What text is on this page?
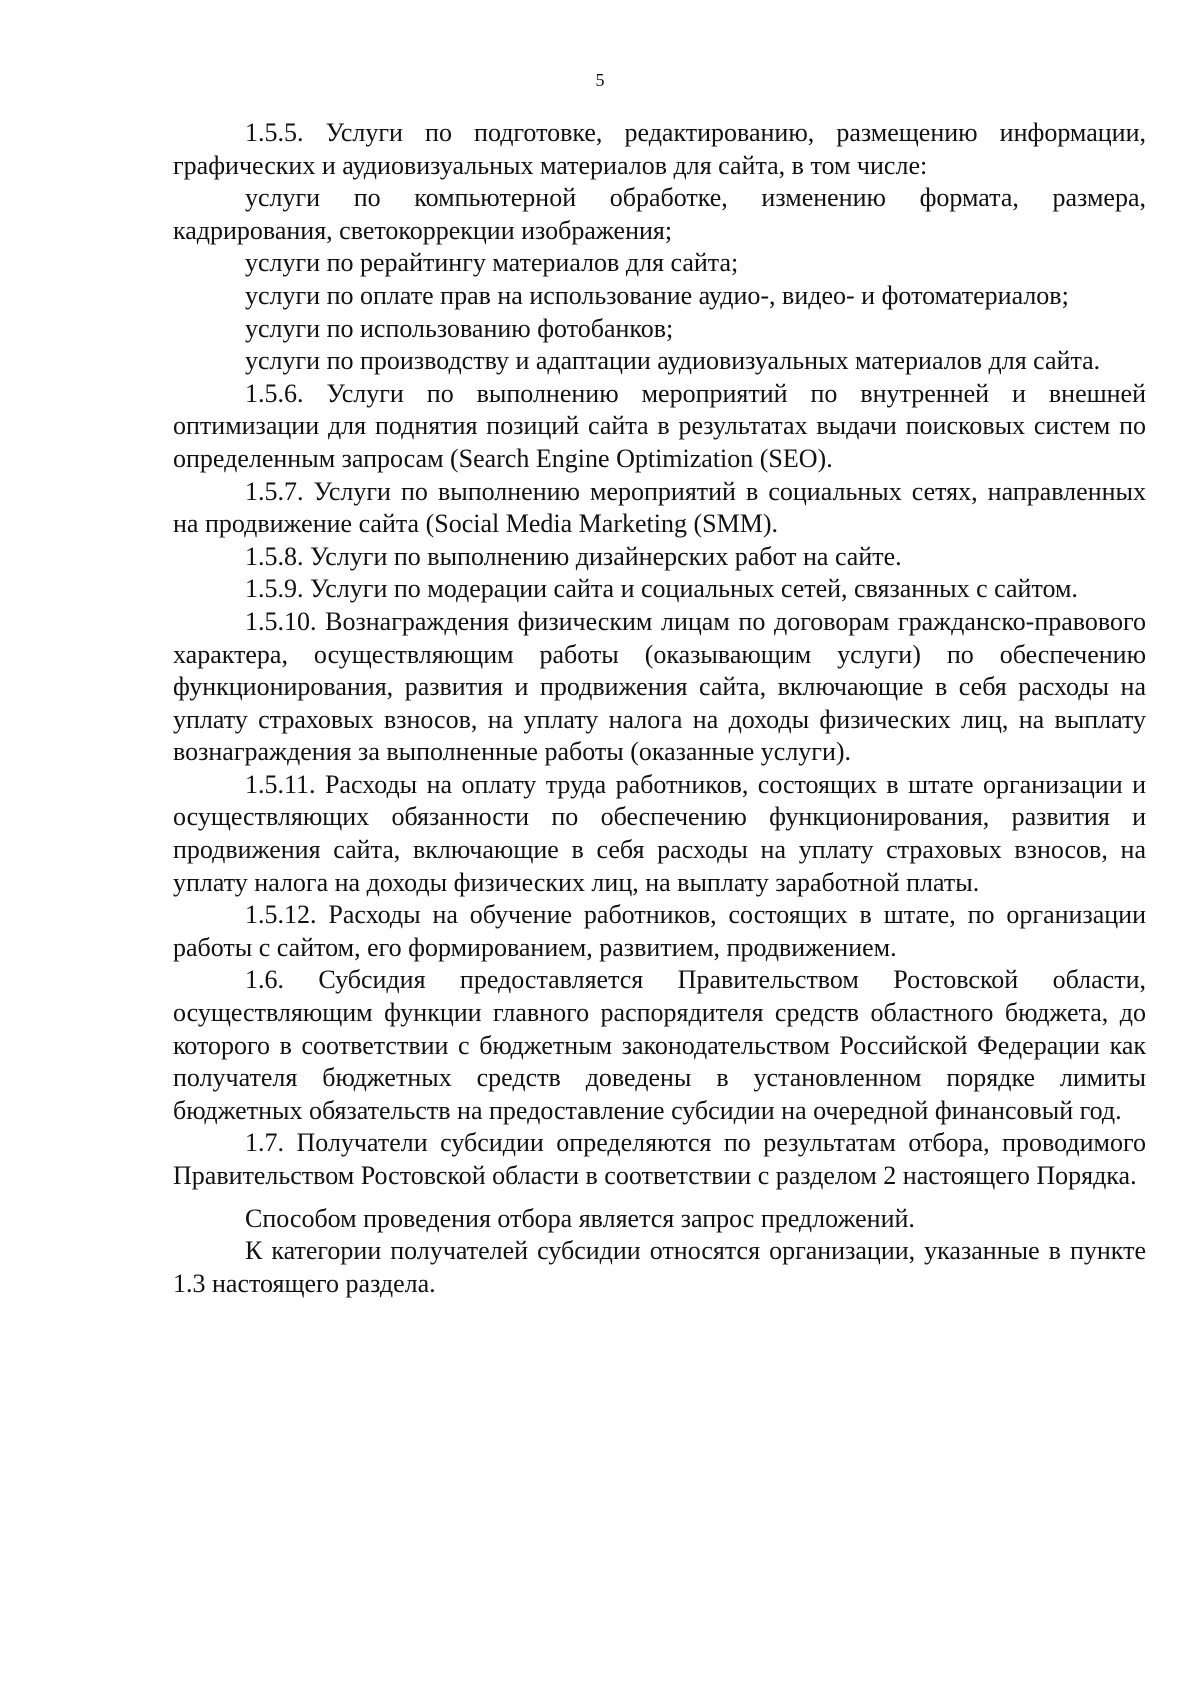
5

1.5.5. Услуги по подготовке, редактированию, размещению информации, графических и аудиовизуальных материалов для сайта, в том числе:

услуги по компьютерной обработке, изменению формата, размера, кадрирования, светокоррекции изображения;

услуги по рерайтингу материалов для сайта;

услуги по оплате прав на использование аудио-, видео- и фотоматериалов;

услуги по использованию фотобанков;

услуги по производству и адаптации аудиовизуальных материалов для сайта.

1.5.6. Услуги по выполнению мероприятий по внутренней и внешней оптимизации для поднятия позиций сайта в результатах выдачи поисковых систем по определенным запросам (Search Engine Optimization (SEO).

1.5.7. Услуги по выполнению мероприятий в социальных сетях, направленных на продвижение сайта (Social Media Marketing (SMM).

1.5.8. Услуги по выполнению дизайнерских работ на сайте.

1.5.9. Услуги по модерации сайта и социальных сетей, связанных с сайтом.

1.5.10. Вознаграждения физическим лицам по договорам гражданско-правового характера, осуществляющим работы (оказывающим услуги) по обеспечению функционирования, развития и продвижения сайта, включающие в себя расходы на уплату страховых взносов, на уплату налога на доходы физических лиц, на выплату вознаграждения за выполненные работы (оказанные услуги).

1.5.11. Расходы на оплату труда работников, состоящих в штате организации и осуществляющих обязанности по обеспечению функционирования, развития и продвижения сайта, включающие в себя расходы на уплату страховых взносов, на уплату налога на доходы физических лиц, на выплату заработной платы.

1.5.12. Расходы на обучение работников, состоящих в штате, по организации работы с сайтом, его формированием, развитием, продвижением.

1.6. Субсидия предоставляется Правительством Ростовской области, осуществляющим функции главного распорядителя средств областного бюджета, до которого в соответствии с бюджетным законодательством Российской Федерации как получателя бюджетных средств доведены в установленном порядке лимиты бюджетных обязательств на предоставление субсидии на очередной финансовый год.

1.7. Получатели субсидии определяются по результатам отбора, проводимого Правительством Ростовской области в соответствии с разделом 2 настоящего Порядка.

Способом проведения отбора является запрос предложений.

К категории получателей субсидии относятся организации, указанные в пункте 1.3 настоящего раздела.
